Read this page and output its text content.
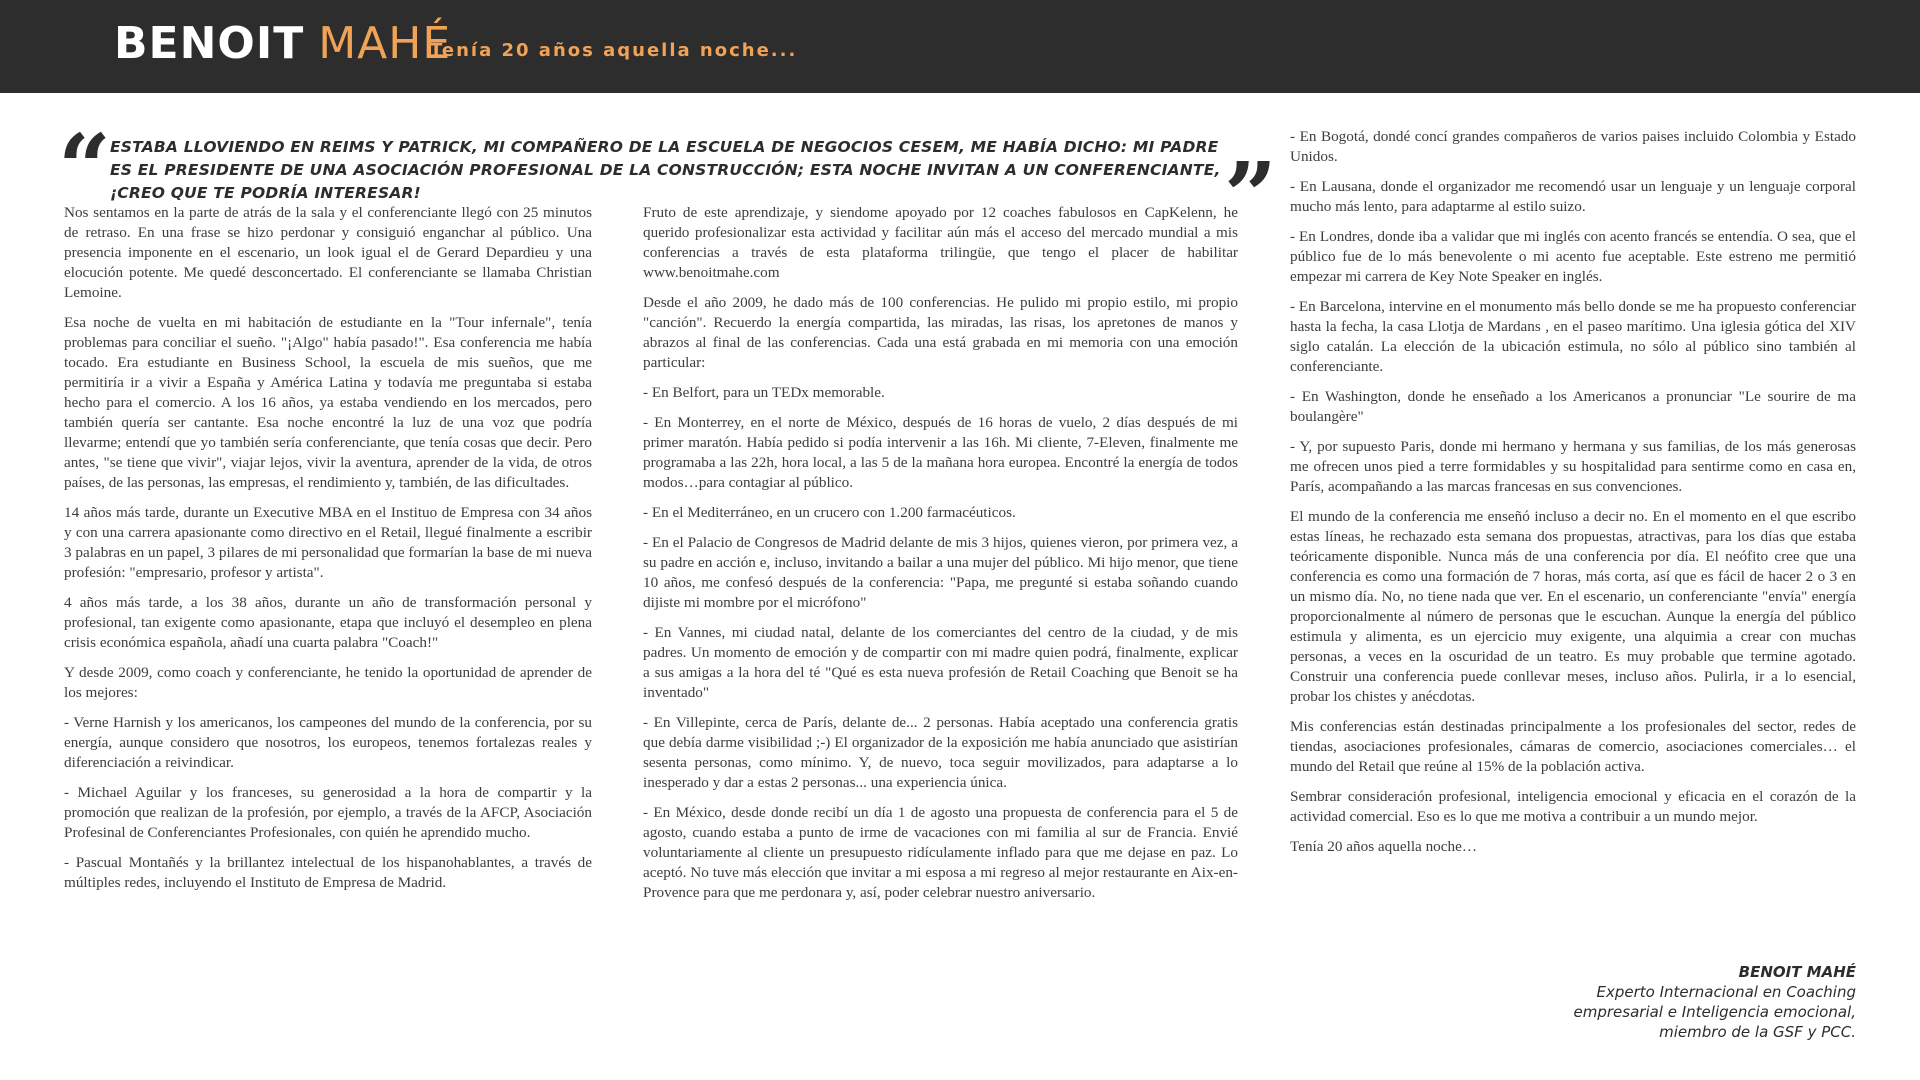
BENOIT MAHÉ
Tenía 20 años aquella noche...
“ ESTABA LLOVIENDO EN REIMS Y PATRICK, MI COMPAÑERO DE LA ESCUELA DE NEGOCIOS CESEM, ME HABÍA DICHO: MI PADRE ES EL PRESIDENTE DE UNA ASOCIACIÓN PROFESIONAL DE LA CONSTRUCCIÓN; ESTA NOCHE INVITAN A UN CONFERENCIANTE, ¡CREO QUE TE PODRÍA INTERESAR!	”

Nos sentamos en la parte de atrás de la sala y el conferenciante llegó con 25 minutos de retraso. En una frase se hizo perdonar y consiguió enganchar al público. Una presencia imponente en el escenario, un look igual el de Gerard Depardieu y una elocución potente. Me quedé desconcertado. El conferenciante se llamaba Christian Lemoine.

Esa noche de vuelta en mi habitación de estudiante en la "Tour infernale", tenía problemas para conciliar el sueño. "¡Algo" había pasado!". Esa conferencia me había tocado. Era estudiante en Business School, la escuela de mis sueños, que me permitiría ir a vivir a España y América Latina y todavía me preguntaba si estaba hecho para el comercio. A los 16 años, ya estaba vendiendo en los mercados, pero también quería ser cantante. Esa noche encontré la luz de una voz que podría llevarme; entendí que yo también sería conferenciante, que tenía cosas que decir. Pero antes, "se tiene que vivir", viajar lejos, vivir la aventura, aprender de la vida, de otros países, de las personas, las empresas, el rendimiento y, también, de las dificultades.

14 años más tarde, durante un Executive MBA en el Instituo de Empresa con 34 años y con una carrera apasionante como directivo en el Retail, llegué finalmente a escribir 3 palabras en un papel, 3 pilares de mi personalidad que formarían la base de mi nueva profesión: "empresario, profesor y artista".

4 años más tarde, a los 38 años, durante un año de transformación personal y profesional, tan exigente como apasionante, etapa que incluyó el desempleo en plena crisis económica española, añadí una cuarta palabra "Coach!"

Y desde 2009, como coach y conferenciante, he tenido la oportunidad de aprender de los mejores:

- Verne Harnish y los americanos, los campeones del mundo de la conferencia, por su energía, aunque considero que nosotros, los europeos, tenemos fortalezas reales y diferenciación a reivindicar.

- Michael Aguilar y los franceses, su generosidad a la hora de compartir y la promoción que realizan de la profesión, por ejemplo, a través de la AFCP, Asociación Profesinal de Conferenciantes Profesionales, con quién he aprendido mucho.

- Pascual Montañés y la brillantez intelectual de los hispanohablantes, a través de múltiples redes, incluyendo el Instituto de Empresa de Madrid.

Fruto de este aprendizaje, y siendome apoyado por 12 coaches fabulosos en CapKelenn, he querido profesionalizar esta actividad y facilitar aún más el acceso del mercado mundial a mis conferencias a través de esta plataforma trilingüe, que tengo el placer de habilitar www.benoitmahe.com

Desde el año 2009, he dado más de 100 conferencias. He pulido mi propio estilo, mi propio "canción". Recuerdo la energía compartida, las miradas, las risas, los apretones de manos y abrazos al final de las conferencias. Cada una está grabada en mi memoria con una emoción particular:

- En Belfort, para un TEDx memorable.

- En Monterrey, en el norte de México, después de 16 horas de vuelo, 2 días después de mi primer maratón. Había pedido si podía intervenir a las 16h. Mi cliente, 7-Eleven, finalmente me programaba a las 22h, hora local, a las 5 de la mañana hora europea. Encontré la energía de todos modos…para contagiar al público.

- En el Mediterráneo, en un crucero con 1.200 farmacéuticos.

- En el Palacio de Congresos de Madrid delante de mis 3 hijos, quienes vieron, por primera vez, a su padre en acción e, incluso, invitando a bailar a una mujer del público. Mi hijo menor, que tiene 10 años, me confesó después de la conferencia: "Papa, me pregunté si estaba soñando cuando dijiste mi mombre por el micrófono"

- En Vannes, mi ciudad natal, delante de los comerciantes del centro de la ciudad, y de mis padres. Un momento de emoción y de compartir con mi madre quien podrá, finalmente, explicar a sus amigas a la hora del té "Qué es esta nueva profesión de Retail Coaching que Benoit se ha inventado"

- En Villepinte, cerca de París, delante de... 2 personas. Había aceptado una conferencia gratis que debía darme visibilidad ;-) El organizador de la exposición me había anunciado que asistirían sesenta personas, como mínimo. Y, de nuevo, toca seguir movilizados, para adaptarse a lo inesperado y dar a estas 2 personas... una experiencia única.

- En México, desde donde recibí un día 1 de agosto una propuesta de conferencia para el 5 de agosto, cuando estaba a punto de irme de vacaciones con mi familia al sur de Francia. Envié voluntariamente al cliente un presupuesto ridículamente inflado para que me dejase en paz. Lo aceptó. No tuve más elección que invitar a mi esposa a mi regreso al mejor restaurante en Aix-en-Provence para que me perdonara y, así, poder celebrar nuestro aniversario.

- En Bogotá, dondé concí grandes compañeros de varios paises incluido Colombia y Estado Unidos.

- En Lausana, donde el organizador me recomendó usar un lenguaje y un lenguaje corporal mucho más lento, para adaptarme al estilo suizo.

- En Londres, donde iba a validar que mi inglés con acento francés se entendía. O sea, que el público fue de lo más benevolente o mi acento fue aceptable. Este estreno me permitió empezar mi carrera de Key Note Speaker en inglés.

- En Barcelona, intervine en el monumento más bello donde se me ha propuesto conferenciar hasta la fecha, la casa Llotja de Mardans , en el paseo marítimo. Una iglesia gótica del XIV siglo catalán. La elección de la ubicación estimula, no sólo al público sino también al conferenciante.

- En Washington, donde he enseñado a los Americanos a pronunciar "Le sourire de ma boulangère"

- Y, por supuesto Paris, donde mi hermano y hermana y sus familias, de los más generosas me ofrecen unos pied a terre formidables y su hospitalidad para sentirme como en casa en, París, acompañando a las marcas francesas en sus convenciones.

El mundo de la conferencia me enseñó incluso a decir no. En el momento en el que escribo estas líneas, he rechazado esta semana dos propuestas, atractivas, para los días que estaba teóricamente disponible. Nunca más de una conferencia por día. El neófito cree que una conferencia es como una formación de 7 horas, más corta, así que es fácil de hacer 2 o 3 en un mismo día. No, no tiene nada que ver. En el escenario, un conferenciante "envía" energía proporcionalmente al número de personas que le escuchan. Aunque la energía del público estimula y alimenta, es un ejercicio muy exigente, una alquimia a crear con muchas personas, a veces en la oscuridad de un teatro. Es muy probable que termine agotado. Construir una conferencia puede conllevar meses, incluso años. Pulirla, ir a lo esencial, probar los chistes y anécdotas.

Mis conferencias están destinadas principalmente a los profesionales del sector, redes de tiendas, asociaciones profesionales, cámaras de comercio, asociaciones comerciales… el mundo del Retail que reúne al 15% de la población activa.

Sembrar consideración profesional, inteligencia emocional y eficacia en el corazón de la actividad comercial. Eso es lo que me motiva a contribuir a un mundo mejor.

Tenía 20 años aquella noche…

BENOIT MAHÉ
Experto Internacional en Coaching
empresarial e Inteligencia emocional,
miembro de la GSF y PCC.
